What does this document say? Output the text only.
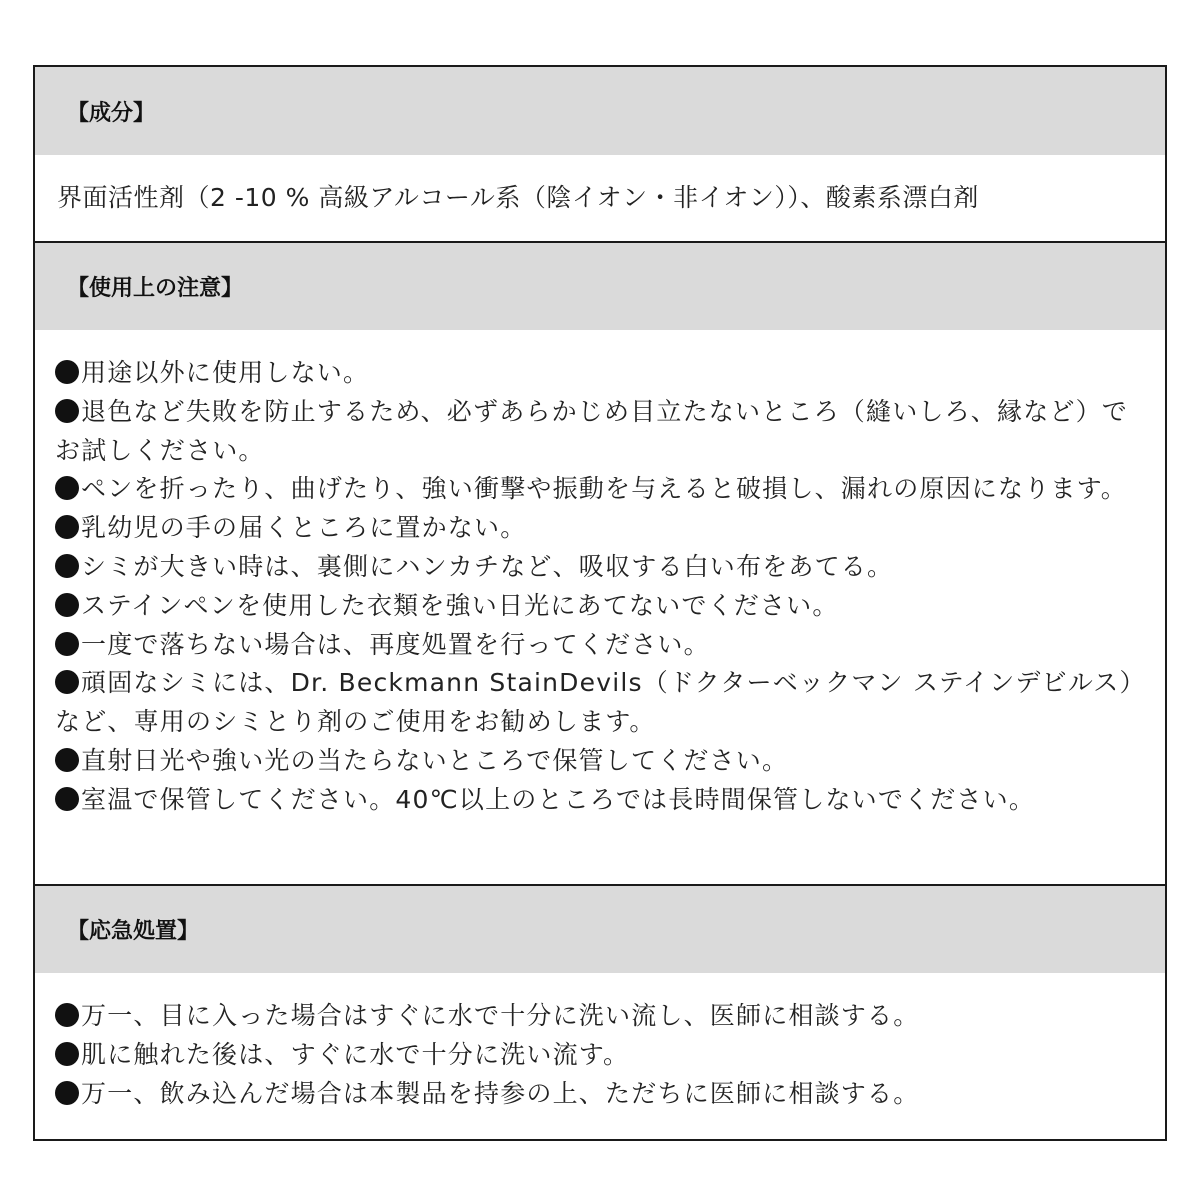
【成分】
界面活性剤（2 -10 % 高級アルコール系（陰イオン・非イオン））、酸素系漂白剤
【使用上の注意】

用途以外に使用しない。

退色など失敗を防止するため、必ずあらかじめ目立たないところ（縫いしろ、縁など）でお試しください。

ペンを折ったり、曲げたり、強い衝撃や振動を与えると破損し、漏れの原因になります。

乳幼児の手の届くところに置かない。

シミが大きい時は、裏側にハンカチなど、吸収する白い布をあてる。

ステインペンを使用した衣類を強い日光にあてないでください。

一度で落ちない場合は、再度処置を行ってください。

頑固なシミには、Dr. Beckmann StainDevils（ドクターベックマン ステインデビルス）など、専用のシミとり剤のご使用をお勧めします。

直射日光や強い光の当たらないところで保管してください。

室温で保管してください。40℃以上のところでは長時間保管しないでください。

【応急処置】

万一、目に入った場合はすぐに水で十分に洗い流し、医師に相談する。

肌に触れた後は、すぐに水で十分に洗い流す。

万一、飲み込んだ場合は本製品を持参の上、ただちに医師に相談する。
